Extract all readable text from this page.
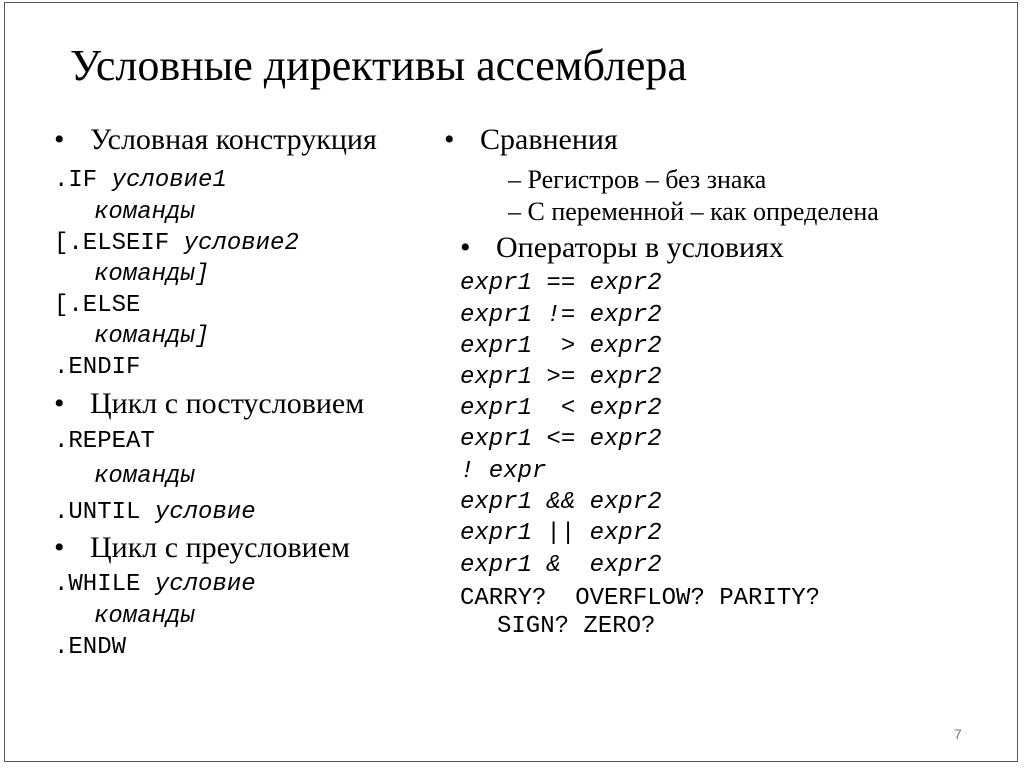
Условные директивы ассемблера
• Условная конструкция
.IF условие1
команды
[.ELSEIF условие2
команды]
[.ELSE
команды]
.ENDIF
• Цикл с постусловием
.REPEAT
команды
.UNTIL условие
• Цикл с преусловием
.WHILE условие
команды
.ENDW
• Сравнения
– Регистров – без знака
– С переменной – как определена
• Операторы в условиях
expr1 == expr2
expr1 != expr2
expr1  > expr2
expr1 >= expr2
expr1  < expr2
expr1 <= expr2
! expr
expr1 && expr2
expr1 || expr2
expr1 &  expr2
CARRY?  OVERFLOW? PARITY?
SIGN? ZERO?
7
